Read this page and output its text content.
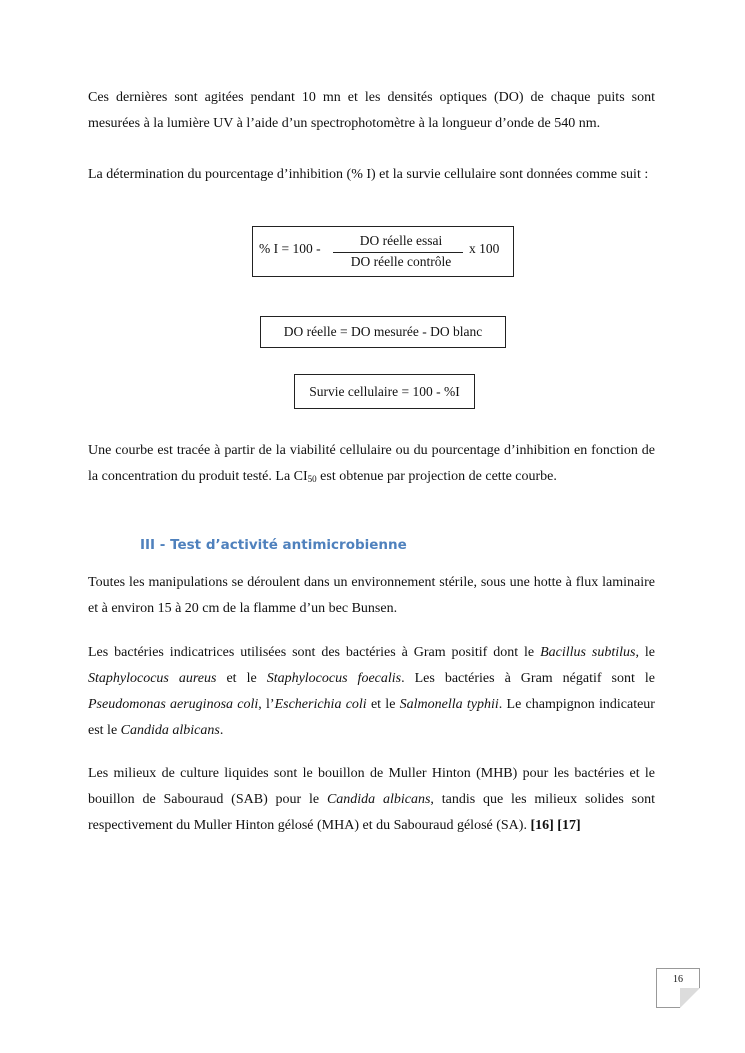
Ces dernières sont agitées pendant 10 mn et les densités optiques (DO) de chaque puits sont mesurées à la lumière UV à l’aide d’un spectrophotomètre à la longueur d’onde de 540 nm.

La détermination du pourcentage d’inhibition (% I) et la survie cellulaire sont données comme suit :

% I = 100 -
DO réelle essai
DO réelle contrôle
x 100
DO réelle = DO mesurée - DO blanc
Survie cellulaire = 100 - %I

Une courbe est tracée à partir de la viabilité cellulaire ou du pourcentage d’inhibition en fonction de la concentration du produit testé. La $CI_{50}$ est obtenue par projection de cette courbe.

III - Test d’activité antimicrobienne

Toutes les manipulations se déroulent dans un environnement stérile, sous une hotte à flux laminaire et à environ 15 à 20 cm de la flamme d’un bec Bunsen.

Les bactéries indicatrices utilisées sont des bactéries à Gram positif dont le Bacillus subtilus, le Staphylococus aureus et le Staphylococus foecalis. Les bactéries à Gram négatif sont le Pseudomonas aeruginosa coli, l’Escherichia coli et le Salmonella typhii. Le champignon indicateur est le Candida albicans.

Les milieux de culture liquides sont le bouillon de Muller Hinton (MHB) pour les bactéries et le bouillon de Sabouraud (SAB) pour le Candida albicans, tandis que les milieux solides sont respectivement du Muller Hinton gélosé (MHA) et du Sabouraud gélosé (SA). [16] [17]

16
